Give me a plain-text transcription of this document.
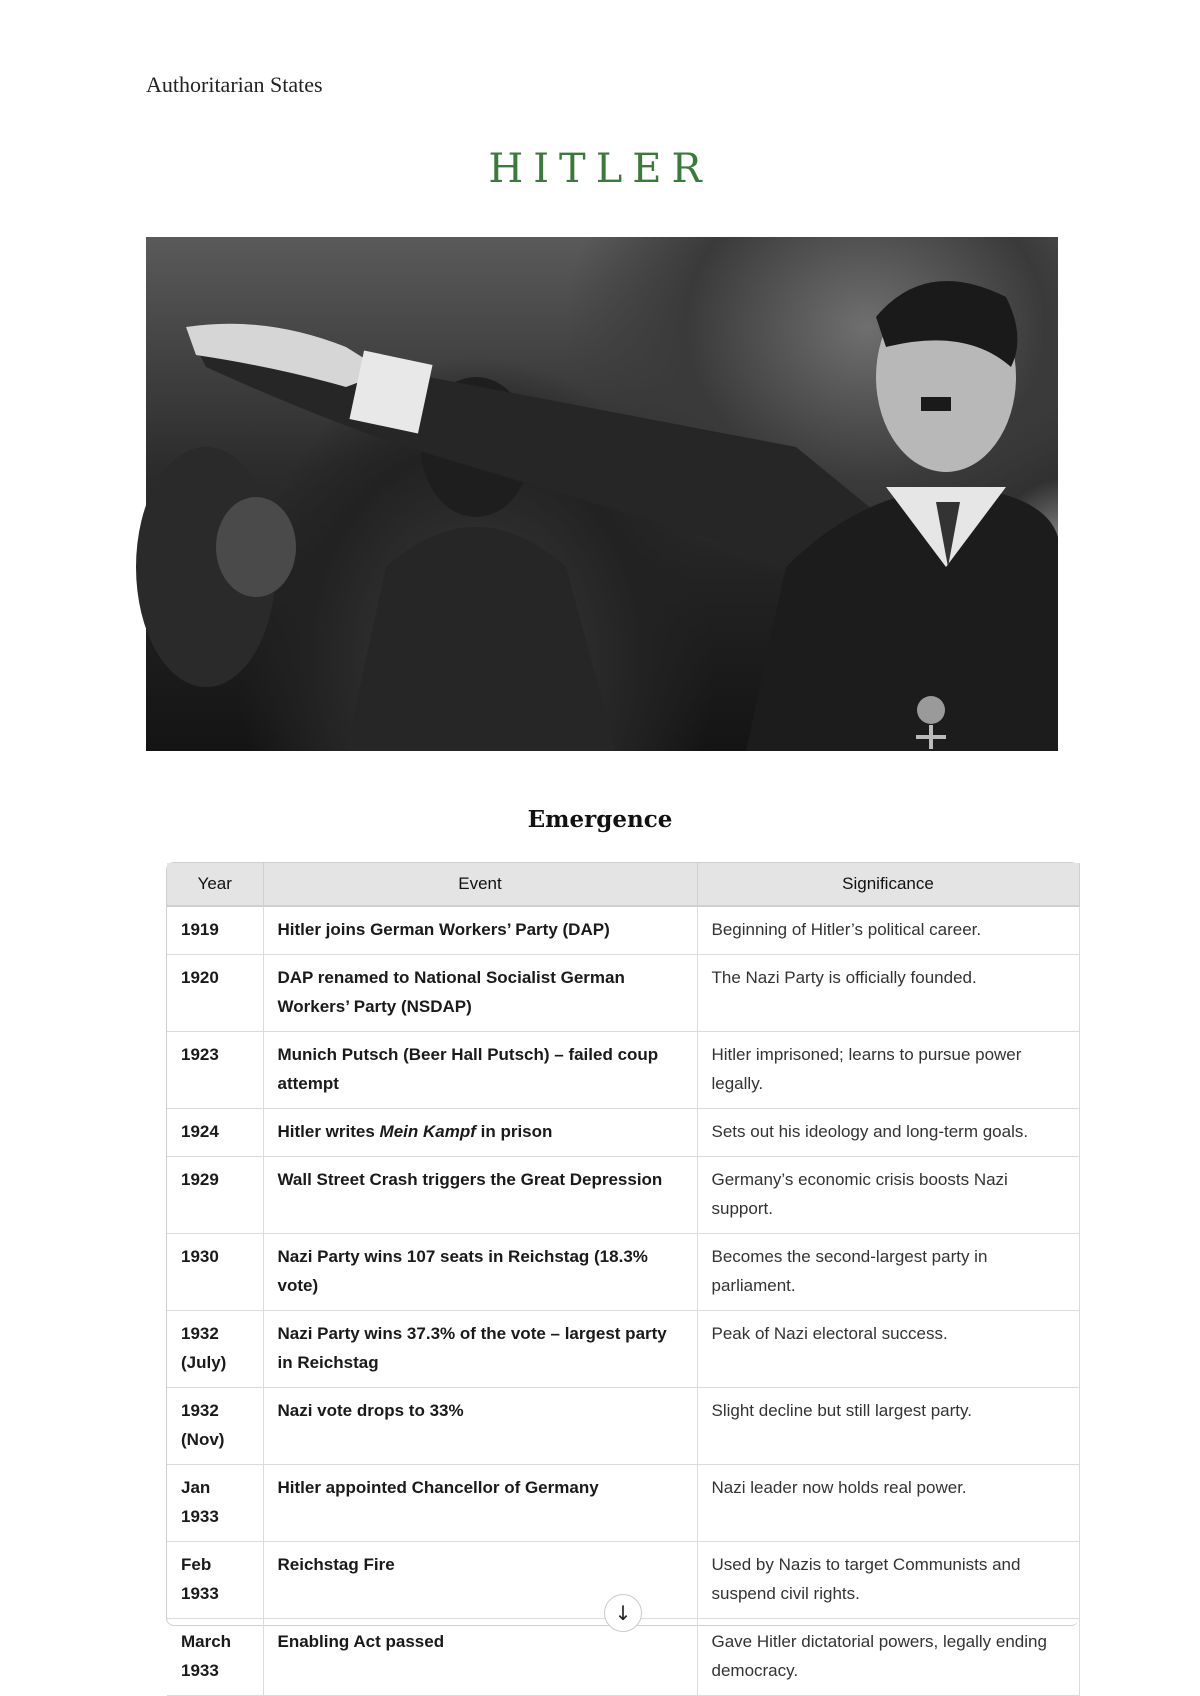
Authoritarian States
HITLER
Emergence
Year	Event	Significance
1919	Hitler joins German Workers’ Party (DAP)	Beginning of Hitler’s political career.
1920	DAP renamed to National Socialist German Workers’ Party (NSDAP)	The Nazi Party is officially founded.
1923	Munich Putsch (Beer Hall Putsch) – failed coup attempt	Hitler imprisoned; learns to pursue power legally.
1924	Hitler writes Mein Kampf in prison	Sets out his ideology and long-term goals.
1929	Wall Street Crash triggers the Great Depression	Germany’s economic crisis boosts Nazi support.
1930	Nazi Party wins 107 seats in Reichstag (18.3% vote)	Becomes the second-largest party in parliament.
1932 (July)	Nazi Party wins 37.3% of the vote – largest party in Reichstag	Peak of Nazi electoral success.
1932 (Nov)	Nazi vote drops to 33%	Slight decline but still largest party.
Jan 1933	Hitler appointed Chancellor of Germany	Nazi leader now holds real power.
Feb 1933	Reichstag Fire	Used by Nazis to target Communists and suspend civil rights.
March 1933	Enabling Act passed	Gave Hitler dictatorial powers, legally ending democracy.
↓
